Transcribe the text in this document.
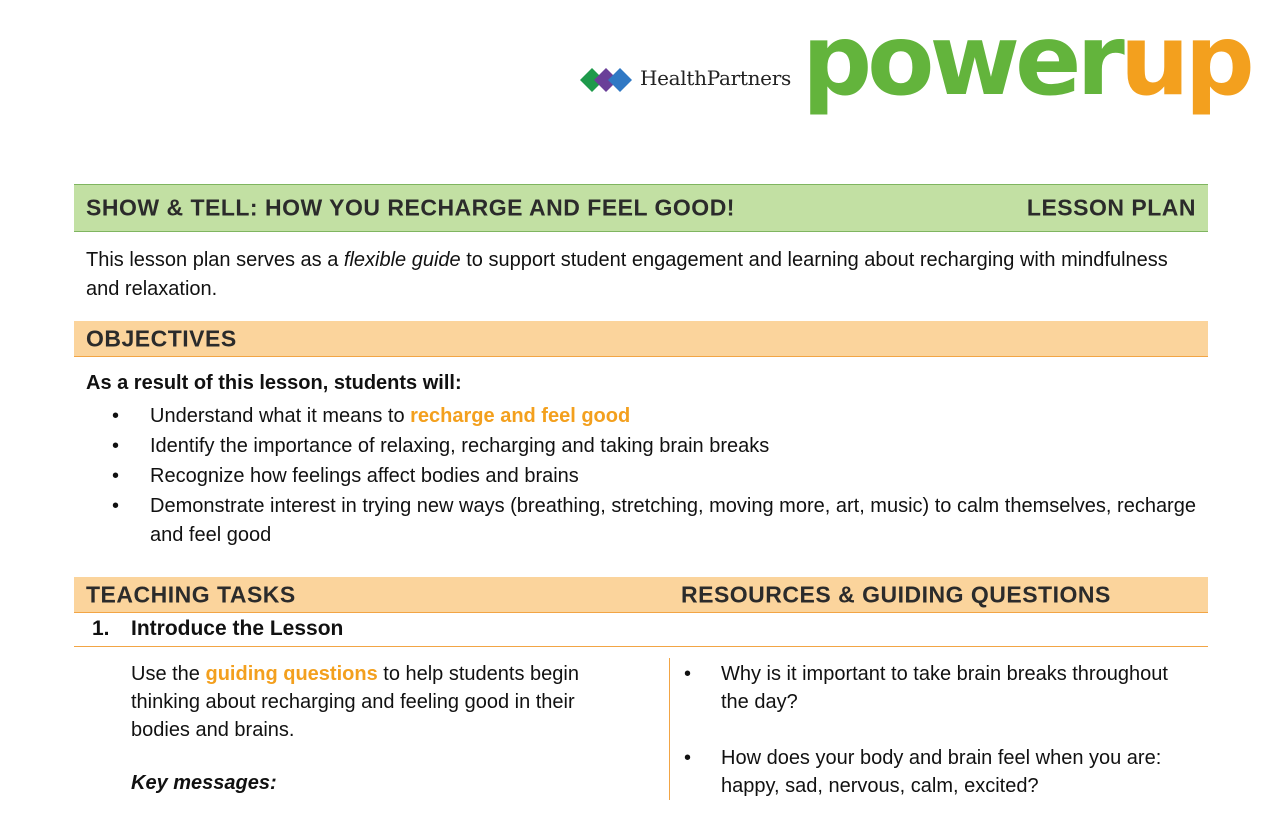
HealthPartners powerup
SHOW & TELL: HOW YOU RECHARGE AND FEEL GOOD!	LESSON PLAN
This lesson plan serves as a flexible guide to support student engagement and learning about recharging with mindfulness and relaxation.
OBJECTIVES
As a result of this lesson, students will:
• Understand what it means to recharge and feel good
• Identify the importance of relaxing, recharging and taking brain breaks
• Recognize how feelings affect bodies and brains
• Demonstrate interest in trying new ways (breathing, stretching, moving more, art, music) to calm themselves, recharge and feel good
TEACHING TASKS	RESOURCES & GUIDING QUESTIONS
1. Introduce the Lesson
Use the guiding questions to help students begin thinking about recharging and feeling good in their bodies and brains.
Key messages:
• Why is it important to take brain breaks throughout the day?
• How does your body and brain feel when you are: happy, sad, nervous, calm, excited?
